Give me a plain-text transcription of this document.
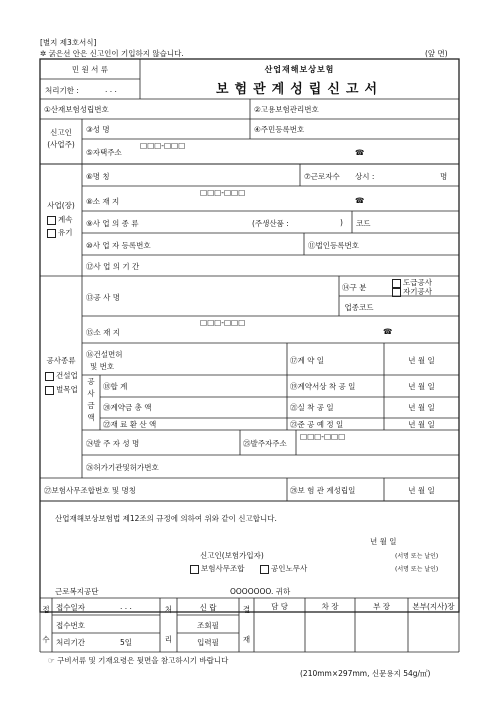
[별지 제3호서식]
✲ 굵은선 안은 신고인이 기입하지 않습니다.	(앞 면)
민 원 서 류
처리기한 :	. . .
산업재해보상보험
보험관계성립신고서
①산재보험성립번호	②고용보험관리번호
신고인
(사업주)
③성 명	④주민등록번호
⑤자택주소
□□□-□□□
☎
사업(장)
계속
유기
⑥명 칭	⑦근로자수 상시 :	명
⑧소 재 지
□□□-□□□
☎
⑨사 업 의 종 류	(주생산품 :	) 코드
⑩사 업 자 등록번호	⑪법인등록번호
⑫사 업 의 기 간
공사종류
건설업
벌목업
⑬공 사 명
⑭구 분
도급공사
자기공사
업종코드
⑮소 재 지
□□□-□□□
☎
⑯건설면허
및 번호
⑰계 약 일	년 월 일
공
사
금
액
⑱합 계	⑲계약서상 착 공 일	년 월 일
⑳계약금 총 액	㉑실 착 공 일	년 월 일
㉒재 료 환 산 액	㉓준 공 예 정 일	년 월 일
㉔발 주 자 성 명	㉕발주자주소
□□□-□□□
㉖허가기관및허가번호
㉗보험사무조합번호 및 명칭	㉘보 험 관 계성립일	년 월 일
산업재해보상보험법 제12조의 규정에 의하여 위와 같이 신고합니다.
년 월 일
신고인(보험가입자)	(서명 또는 날인)
보험사무조합	공인노무사	(서명 또는 날인)
근로복지공단	OOOOOOO. 귀하
접
수
접수일자	. . .
접수번호
처리기간	5일
처
리
신 랍
조회필
입력필
결
재
담 당	차 장	부 장	본부(지사)장
☞ 구비서류 및 기재요령은 뒷면을 참고하시기 바랍니다
(210mm×297mm, 신문용지 54g/㎡)
